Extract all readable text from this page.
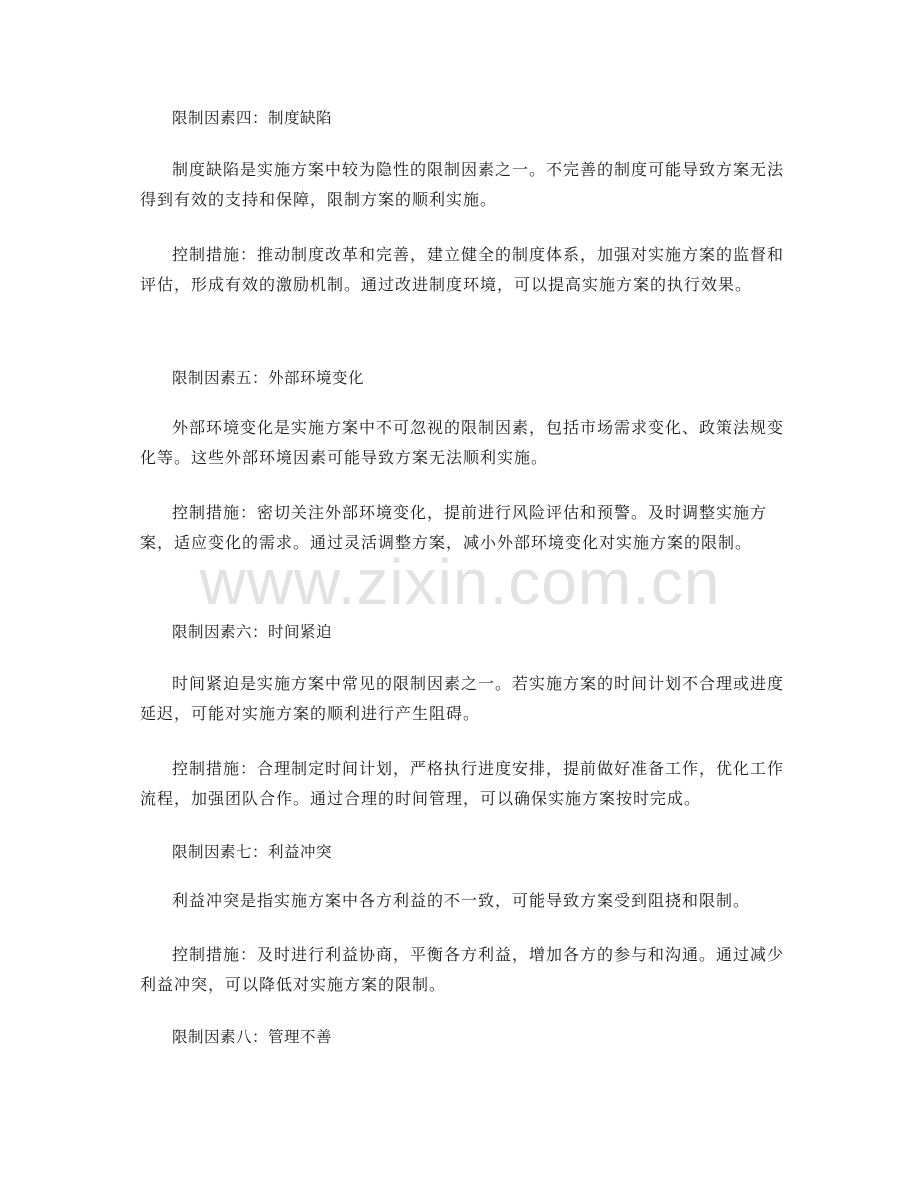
限制因素四：制度缺陷

制度缺陷是实施方案中较为隐性的限制因素之一。不完善的制度可能导致方案无法得到有效的支持和保障，限制方案的顺利实施。

控制措施：推动制度改革和完善，建立健全的制度体系，加强对实施方案的监督和评估，形成有效的激励机制。通过改进制度环境，可以提高实施方案的执行效果。

限制因素五：外部环境变化

外部环境变化是实施方案中不可忽视的限制因素，包括市场需求变化、政策法规变化等。这些外部环境因素可能导致方案无法顺利实施。

控制措施：密切关注外部环境变化，提前进行风险评估和预警。及时调整实施方案，适应变化的需求。通过灵活调整方案，减小外部环境变化对实施方案的限制。

限制因素六：时间紧迫

时间紧迫是实施方案中常见的限制因素之一。若实施方案的时间计划不合理或进度延迟，可能对实施方案的顺利进行产生阻碍。

控制措施：合理制定时间计划，严格执行进度安排，提前做好准备工作，优化工作流程，加强团队合作。通过合理的时间管理，可以确保实施方案按时完成。

限制因素七：利益冲突

利益冲突是指实施方案中各方利益的不一致，可能导致方案受到阻挠和限制。

控制措施：及时进行利益协商，平衡各方利益，增加各方的参与和沟通。通过减少利益冲突，可以降低对实施方案的限制。

限制因素八：管理不善

www.zixin.com.cn
